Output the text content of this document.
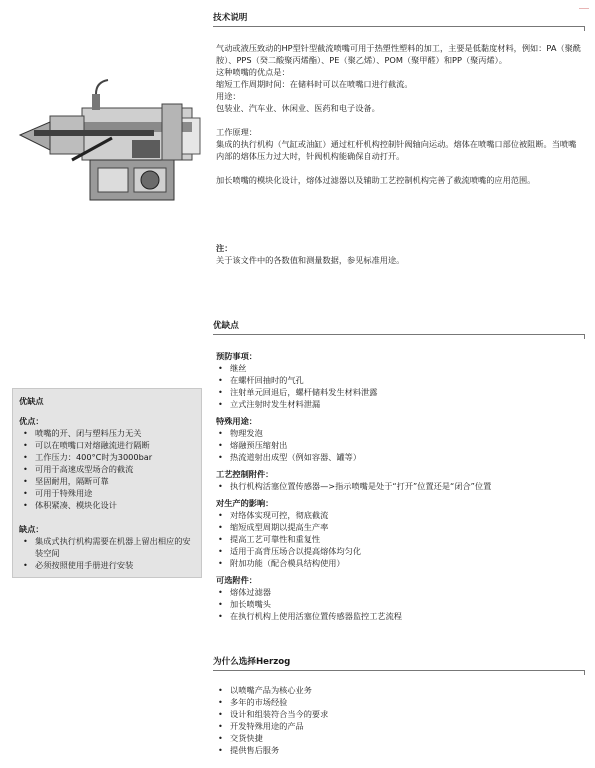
技术说明

气动或液压致动的HP型针型截流喷嘴可用于热塑性塑料的加工，主要是低黏度材料，例如：PA（聚酰胺）、PPS（癸二酸聚丙烯酯）、PE（聚乙烯）、POM（聚甲醛）和PP（聚丙烯）。

这种喷嘴的优点是：

缩短工作周期时间：在储料时可以在喷嘴口进行截流。

用途：

包装业、汽车业、休闲业、医药和电子设备。

工作原理：

集成的执行机构（气缸或油缸）通过杠杆机构控制针阀轴向运动。熔体在喷嘴口部位被阻断。当喷嘴内部的熔体压力过大时，针阀机构能确保自动打开。

加长喷嘴的模块化设计，熔体过滤器以及辅助工艺控制机构完善了截流喷嘴的应用范围。

注：

关于该文件中的各数值和测量数据，参见标准用途。

优缺点
优点：
• 喷嘴的开、闭与塑料压力无关
• 可以在喷嘴口对熔融流进行隔断
• 工作压力：400°C时为3000bar
• 可用于高速成型场合的截流
• 坚固耐用，隔断可靠
• 可用于特殊用途
• 体积紧凑、模块化设计
缺点：
• 集成式执行机构需要在机器上留出相应的安装空间
• 必须按照使用手册进行安装
优缺点
预防事项：
• 继丝
• 在螺杆回抽时的气孔
• 注射单元回退后，螺杆储料发生材料泄露
• 立式注射时发生材料泄漏
特殊用途：
• 物理发泡
• 熔融预压缩射出
• 热流道射出成型（例如容器、罐等）
工艺控制附件：
• 执行机构活塞位置传感器—>指示喷嘴是处于“打开”位置还是“闭合”位置
对生产的影响：
• 对络体实现可控，彻底截流
• 缩短成型周期以提高生产率
• 提高工艺可靠性和重复性
• 适用于高背压场合以提高熔体均匀化
• 附加功能（配合模具结构使用）
可选附件：
• 熔体过滤器
• 加长喷嘴头
• 在执行机构上使用活塞位置传感器监控工艺流程
为什么选择Herzog
• 以喷嘴产品为核心业务
• 多年的市场经验
• 设计和组装符合当今的要求
• 开发特殊用途的产品
• 交货快捷
• 提供售后服务
